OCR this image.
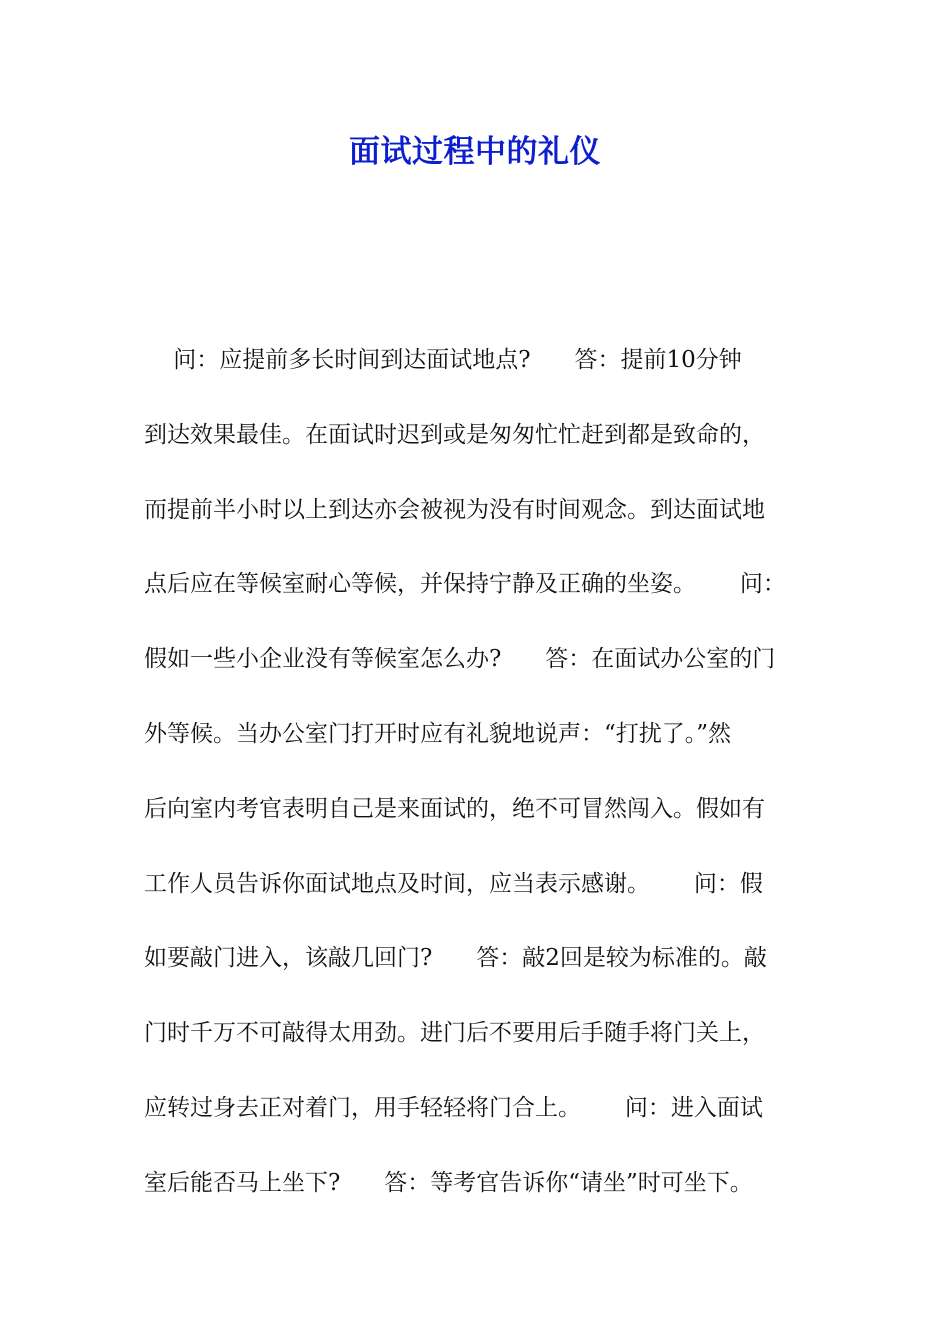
面试过程中的礼仪
问：应提前多长时间到达面试地点?      答：提前10分钟
到达效果最佳。在面试时迟到或是匆匆忙忙赶到都是致命的，
而提前半小时以上到达亦会被视为没有时间观念。到达面试地
点后应在等候室耐心等候，并保持宁静及正确的坐姿。      问：
假如一些小企业没有等候室怎么办?      答：在面试办公室的门
外等候。当办公室门打开时应有礼貌地说声：“打扰了。”然
后向室内考官表明自己是来面试的，绝不可冒然闯入。假如有
工作人员告诉你面试地点及时间，应当表示感谢。      问：假
如要敲门进入，该敲几回门?      答：敲2回是较为标准的。敲
门时千万不可敲得太用劲。进门后不要用后手随手将门关上，
应转过身去正对着门，用手轻轻将门合上。      问：进入面试
室后能否马上坐下?      答：等考官告诉你“请坐”时可坐下。
